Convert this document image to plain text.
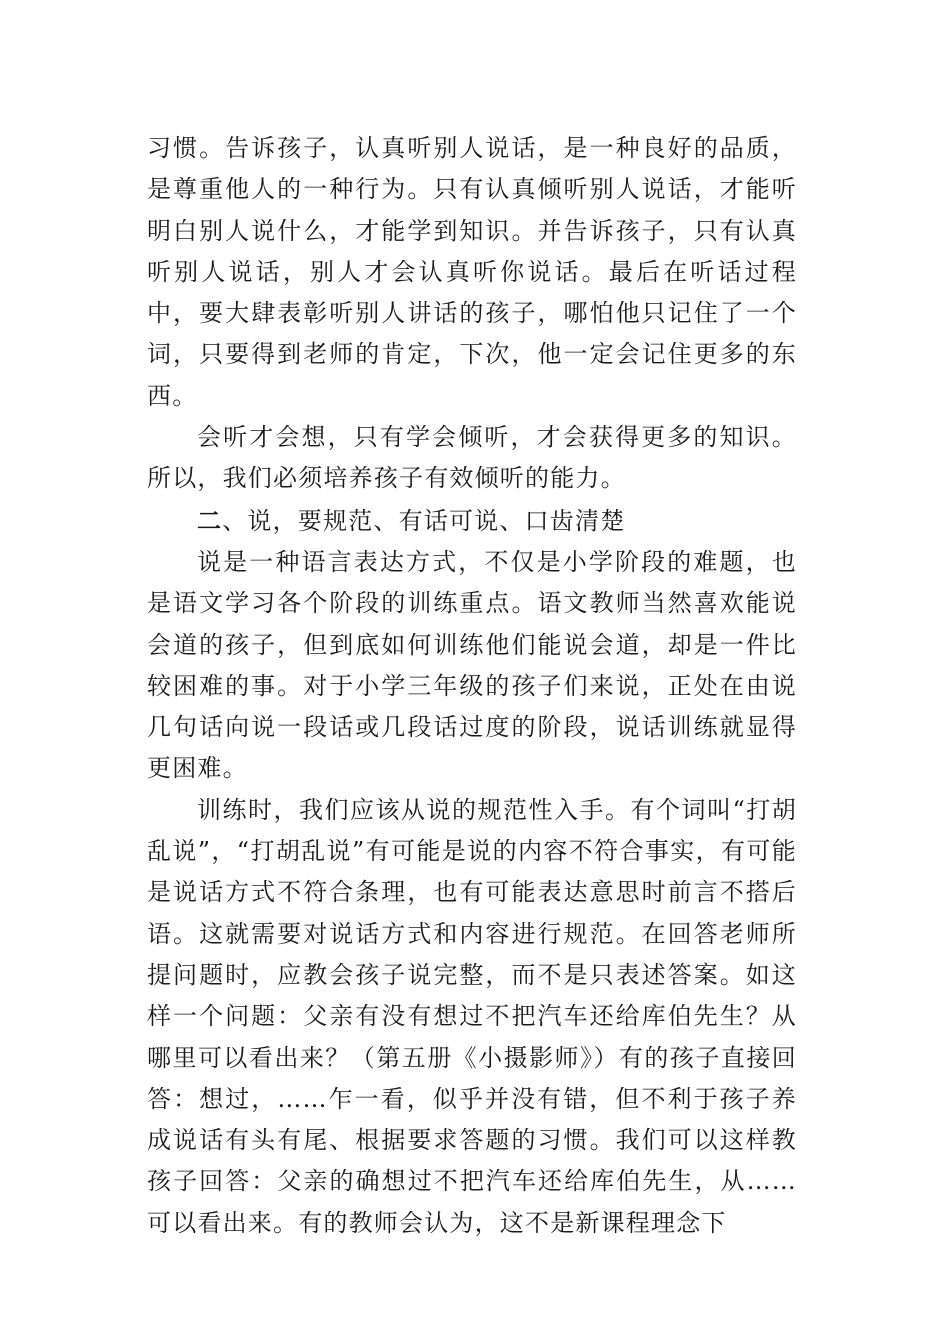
习惯。告诉孩子，认真听别人说话，是一种良好的品质，是尊重他人的一种行为。只有认真倾听别人说话，才能听明白别人说什么，才能学到知识。并告诉孩子，只有认真听别人说话，别人才会认真听你说话。最后在听话过程中，要大肆表彰听别人讲话的孩子，哪怕他只记住了一个词，只要得到老师的肯定，下次，他一定会记住更多的东西。

会听才会想，只有学会倾听，才会获得更多的知识。所以，我们必须培养孩子有效倾听的能力。

二、说，要规范、有话可说、口齿清楚

说是一种语言表达方式，不仅是小学阶段的难题，也是语文学习各个阶段的训练重点。语文教师当然喜欢能说会道的孩子，但到底如何训练他们能说会道，却是一件比较困难的事。对于小学三年级的孩子们来说，正处在由说几句话向说一段话或几段话过度的阶段，说话训练就显得更困难。

训练时，我们应该从说的规范性入手。有个词叫“打胡乱说”，“打胡乱说”有可能是说的内容不符合事实，有可能是说话方式不符合条理，也有可能表达意思时前言不搭后语。这就需要对说话方式和内容进行规范。在回答老师所提问题时，应教会孩子说完整，而不是只表述答案。如这样一个问题：父亲有没有想过不把汽车还给库伯先生？从哪里可以看出来？（第五册《小摄影师》）有的孩子直接回答：想过，……乍一看，似乎并没有错，但不利于孩子养成说话有头有尾、根据要求答题的习惯。我们可以这样教孩子回答：父亲的确想过不把汽车还给库伯先生，从……可以看出来。有的教师会认为，这不是新课程理念下
